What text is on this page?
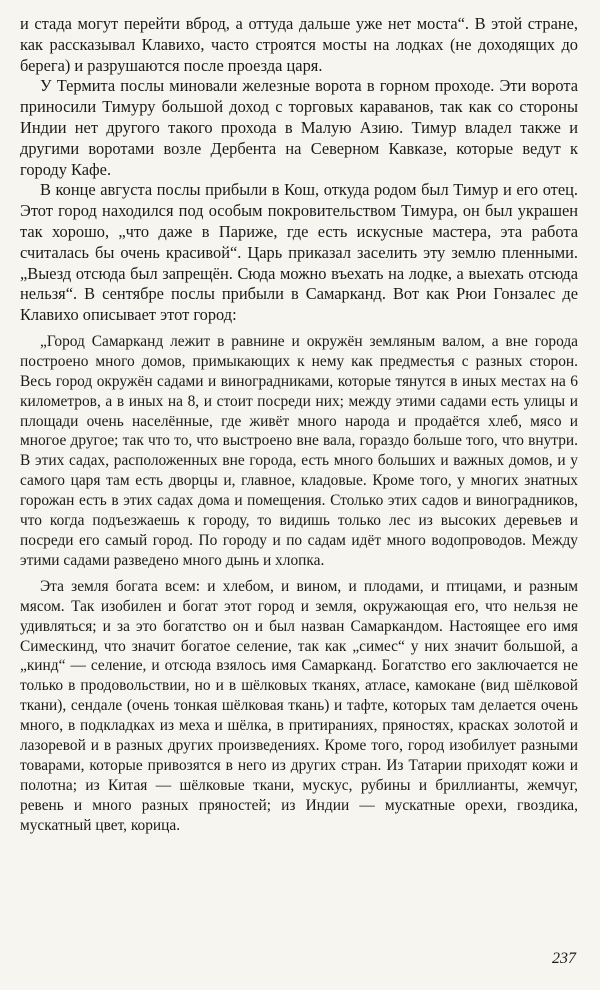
и стада могут перейти вброд, а оттуда дальше уже нет моста“. В этой стране, как рассказывал Клавихо, часто строятся мосты на лодках (не доходящих до берега) и разрушаются после проезда царя.

У Термита послы миновали железные ворота в горном проходе. Эти ворота приносили Тимуру большой доход с торговых караванов, так как со стороны Индии нет другого такого прохода в Малую Азию. Тимур владел также и другими воротами возле Дербента на Северном Кавказе, которые ведут к городу Кафе.

В конце августа послы прибыли в Кош, откуда родом был Тимур и его отец. Этот город находился под особым покровительством Тимура, он был украшен так хорошо, „что даже в Париже, где есть искусные мастера, эта работа считалась бы очень красивой“. Царь приказал заселить эту землю пленными. „Выезд отсюда был запрещён. Сюда можно въехать на лодке, а выехать отсюда нельзя“. В сентябре послы прибыли в Самарканд. Вот как Рюи Гонзалес де Клавихо описывает этот город:

„Город Самарканд лежит в равнине и окружён земляным валом, а вне города построено много домов, примыкающих к нему как предместья с разных сторон. Весь город окружён садами и виноградниками, которые тянутся в иных местах на 6 километров, а в иных на 8, и стоит посреди них; между этими садами есть улицы и площади очень населённые, где живёт много народа и продаётся хлеб, мясо и многое другое; так что то, что выстроено вне вала, гораздо больше того, что внутри. В этих садах, расположенных вне города, есть много больших и важных домов, и у самого царя там есть дворцы и, главное, кладовые. Кроме того, у многих знатных горожан есть в этих садах дома и помещения. Столько этих садов и виноградников, что когда подъезжаешь к городу, то видишь только лес из высоких деревьев и посреди его самый город. По городу и по садам идёт много водопроводов. Между этими садами разведено много дынь и хлопка.

Эта земля богата всем: и хлебом, и вином, и плодами, и птицами, и разным мясом. Так изобилен и богат этот город и земля, окружающая его, что нельзя не удивляться; и за это богатство он и был назван Самаркандом. Настоящее его имя Симескинд, что значит богатое селение, так как „симес“ у них значит большой, а „кинд“ — селение, и отсюда взялось имя Самарканд. Богатство его заключается не только в продовольствии, но и в шёлковых тканях, атласе, камокане (вид шёлковой ткани), сендале (очень тонкая шёлковая ткань) и тафте, которых там делается очень много, в подкладках из меха и шёлка, в притираниях, пряностях, красках золотой и лазоревой и в разных других произведениях. Кроме того, город изобилует разными товарами, которые привозятся в него из других стран. Из Татарии приходят кожи и полотна; из Китая — шёлковые ткани, мускус, рубины и бриллианты, жемчуг, ревень и много разных пряностей; из Индии — мускатные орехи, гвоздика, мускатный цвет, корица.

237
